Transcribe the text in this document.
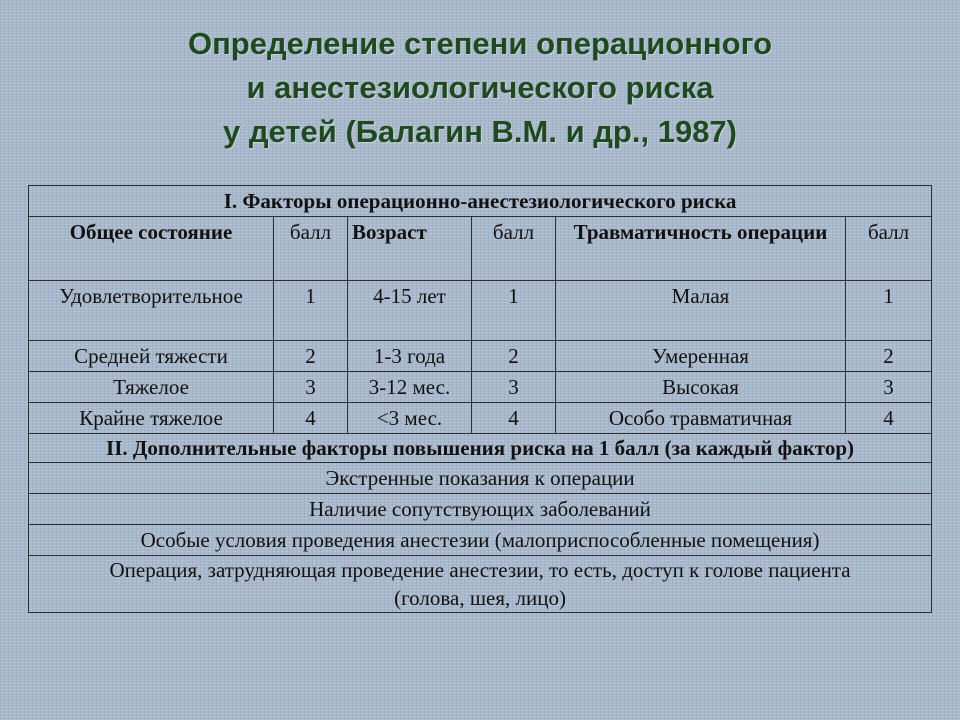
Определение степени операционного
и анестезиологического риска
у детей (Балагин В.М. и др., 1987)
I. Факторы операционно-анестезиологического риска					
Общее состояние	балл	Возраст	балл	Травматичность операции	балл
Удовлетворительное	1	4-15 лет	1	Малая	1
Средней тяжести	2	1-3 года	2	Умеренная	2
Тяжелое	3	3-12 мес.	3	Высокая	3
Крайне тяжелое	4	<3 мес.	4	Особо травматичная	4
II. Дополнительные факторы повышения риска на 1 балл (за каждый фактор)					
Экстренные показания к операции					
Наличие сопутствующих заболеваний					
Особые условия проведения анестезии (малоприспособленные помещения)					
Операция, затрудняющая проведение анестезии, то есть, доступ к голове пациента (голова, шея, лицо)					
